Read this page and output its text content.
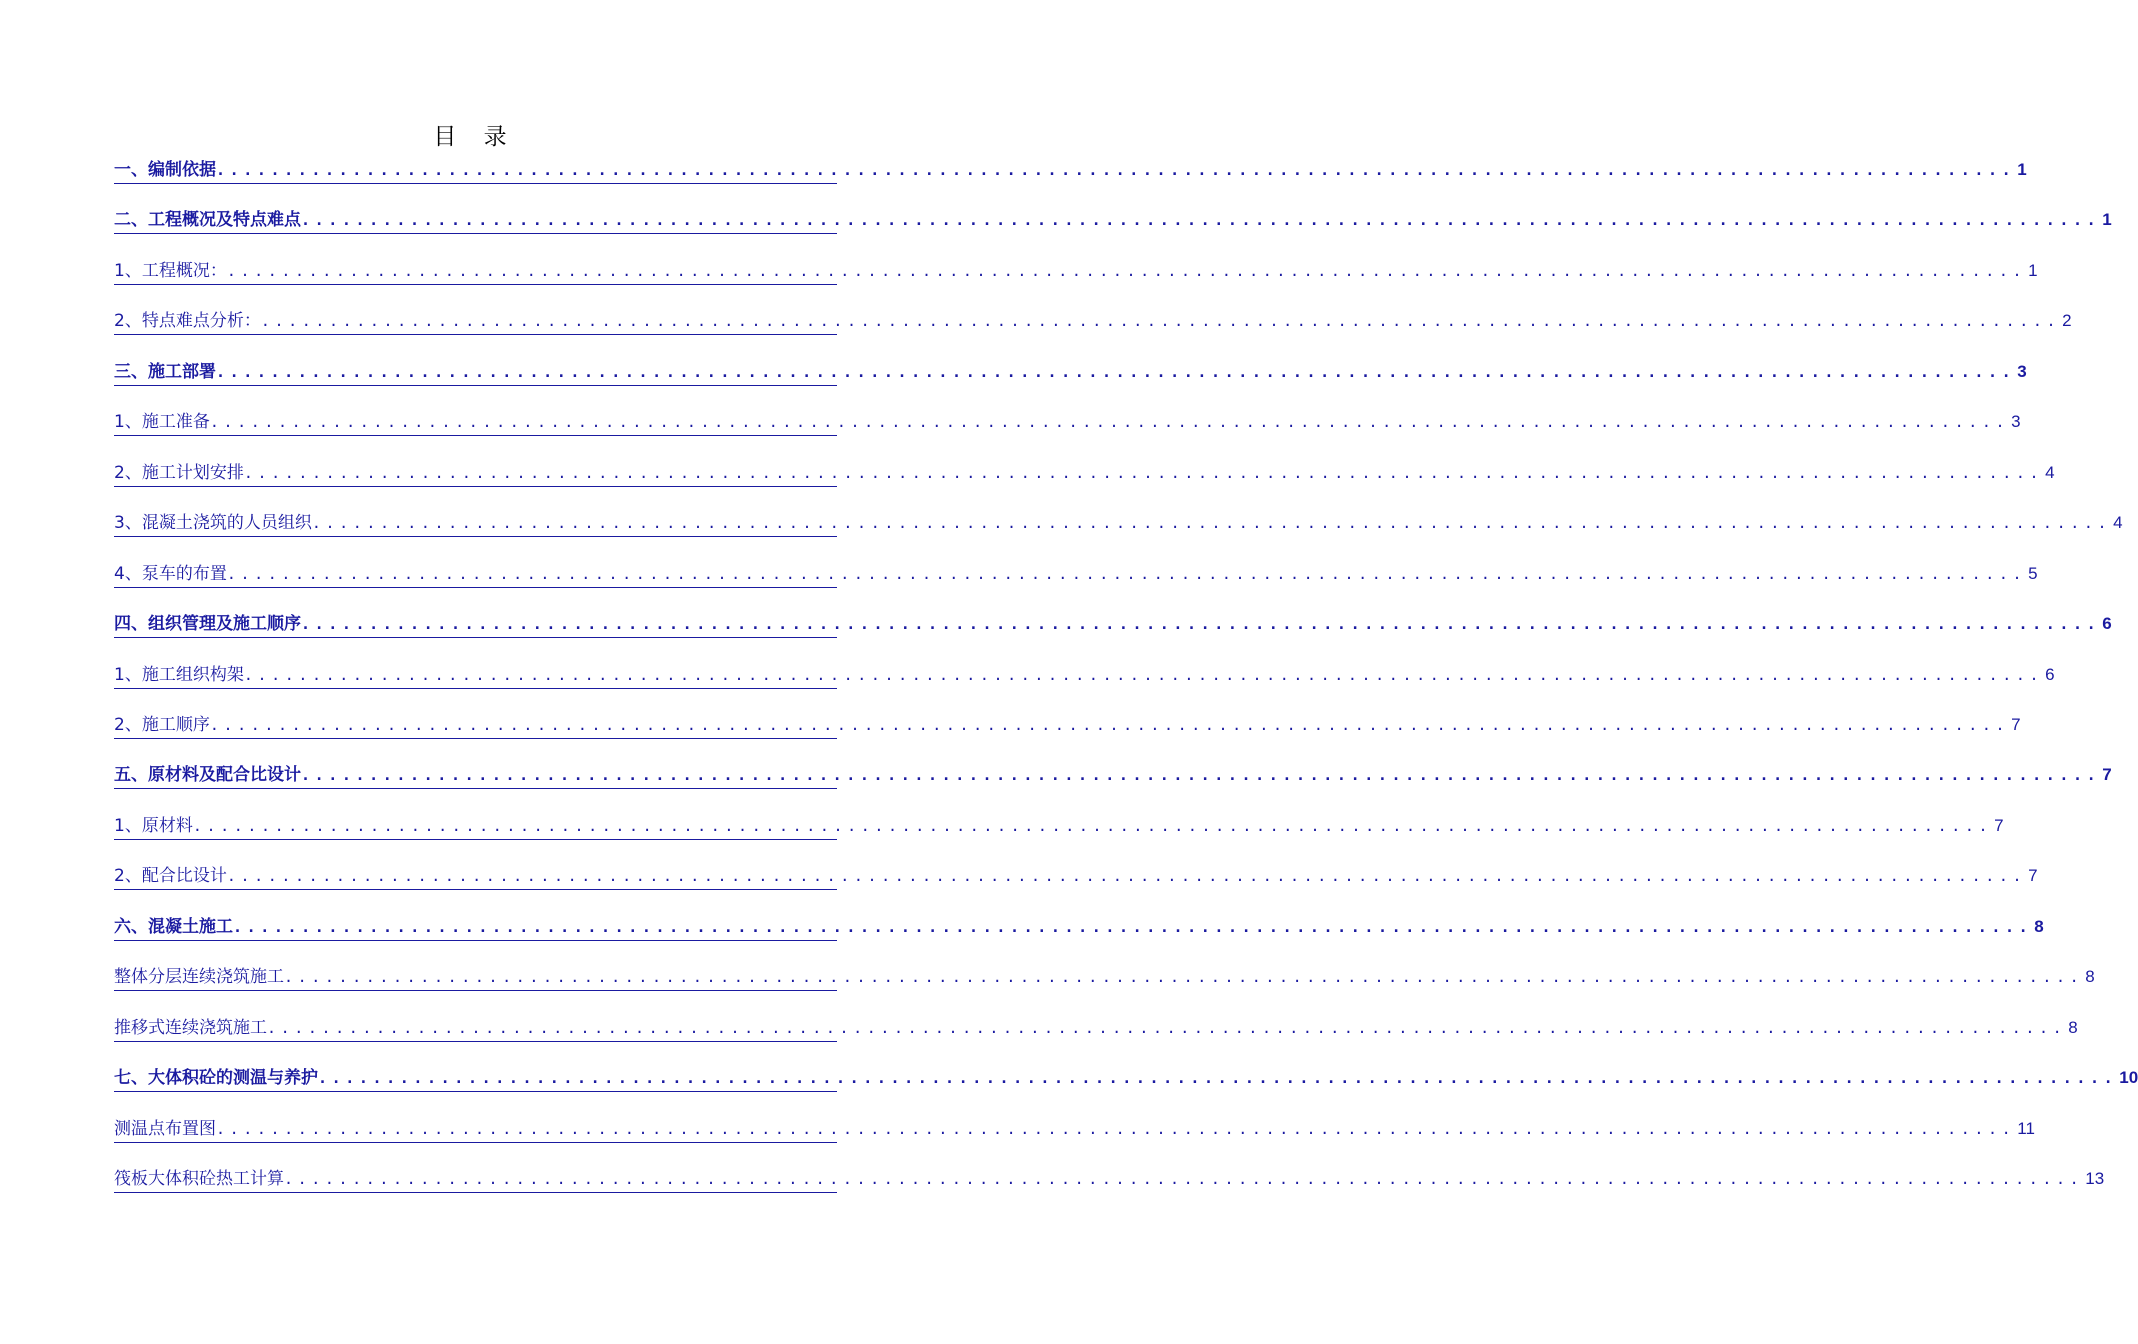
目 录
一、编制依据 .................................................................................................................................... 1
二、工程概况及特点难点 .................................................................................................................................... 1
1、工程概况： .................................................................................................................................... 1
2、特点难点分析： .................................................................................................................................... 2
三、施工部署 .................................................................................................................................... 3
1、施工准备 .................................................................................................................................... 3
2、施工计划安排 .................................................................................................................................... 4
3、混凝土浇筑的人员组织 .................................................................................................................................... 4
4、泵车的布置 .................................................................................................................................... 5
四、组织管理及施工顺序 .................................................................................................................................... 6
1、施工组织构架 .................................................................................................................................... 6
2、施工顺序 .................................................................................................................................... 7
五、原材料及配合比设计 .................................................................................................................................... 7
1、原材料 .................................................................................................................................... 7
2、配合比设计 .................................................................................................................................... 7
六、混凝土施工 .................................................................................................................................... 8
整体分层连续浇筑施工 .................................................................................................................................... 8
推移式连续浇筑施工 .................................................................................................................................... 8
七、大体积砼的测温与养护 .................................................................................................................................... 10
测温点布置图 .................................................................................................................................... 11
筏板大体积砼热工计算 .................................................................................................................................... 13
